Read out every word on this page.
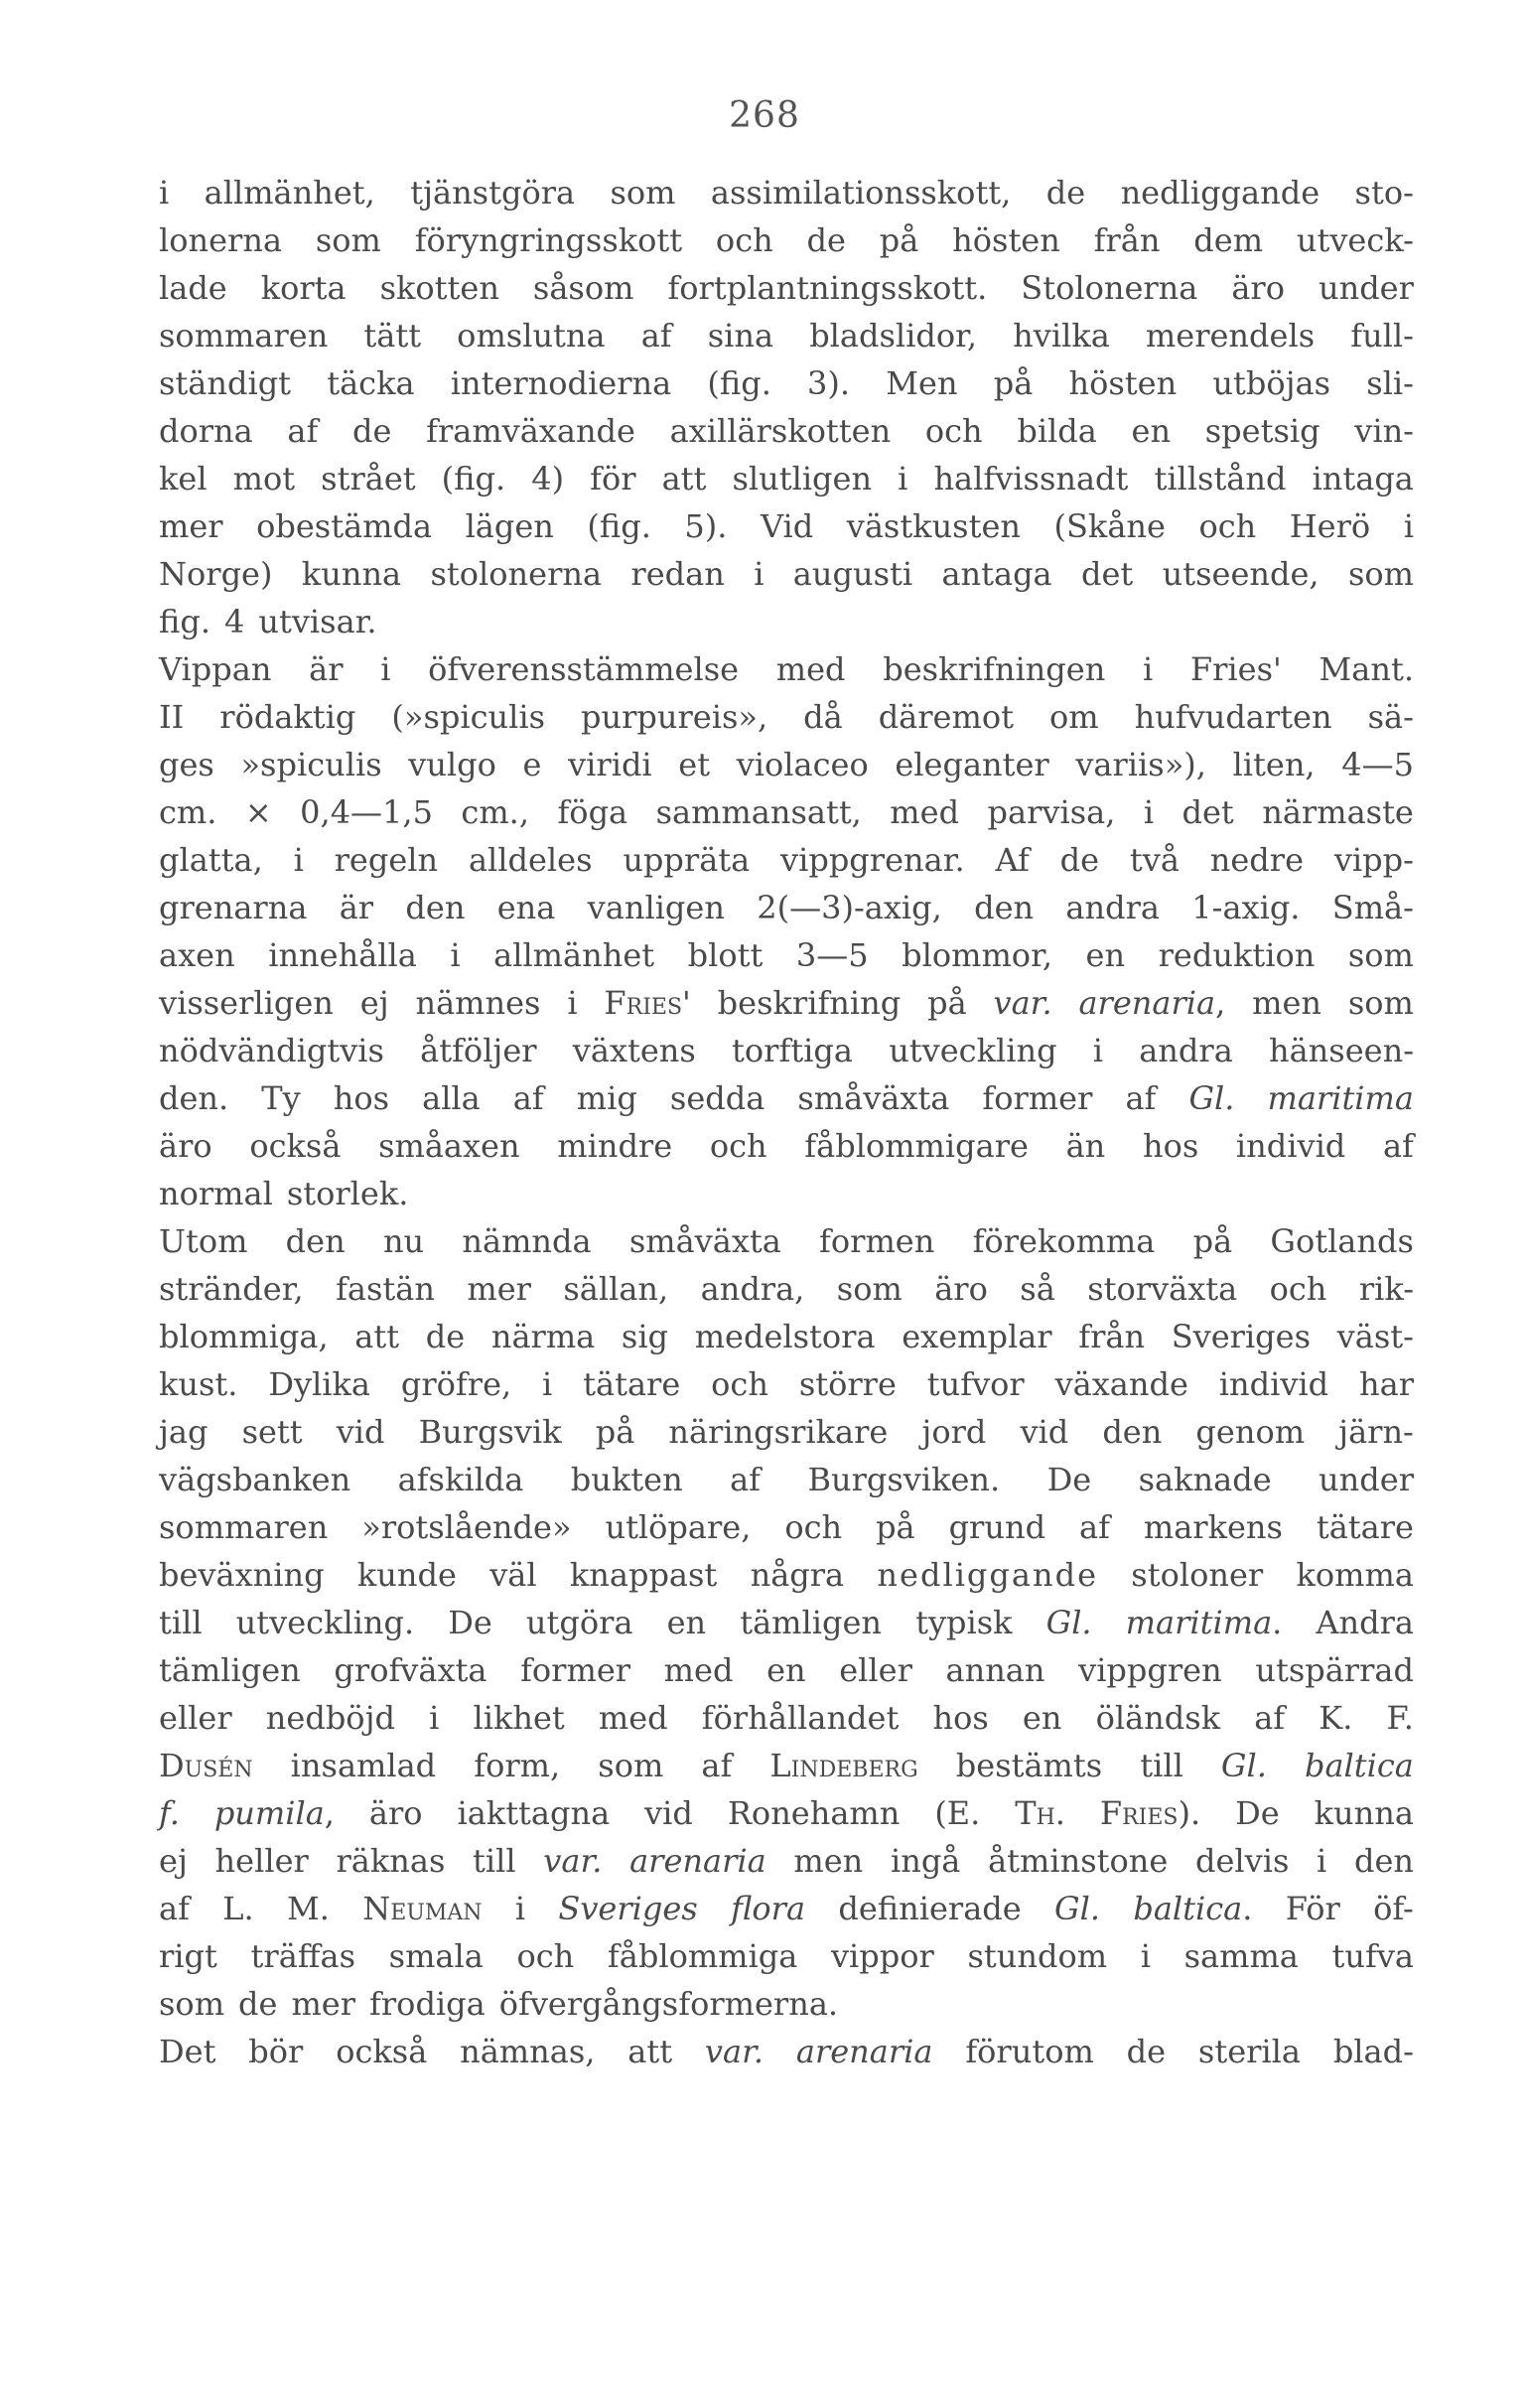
268
i allmänhet, tjänstgöra som assimilationsskott, de nedliggande sto-
lonerna som föryngringsskott och de på hösten från dem utveck-
lade korta skotten såsom fortplantningsskott. Stolonerna äro under
sommaren tätt omslutna af sina bladslidor, hvilka merendels full-
ständigt täcka internodierna (fig. 3). Men på hösten utböjas sli-
dorna af de framväxande axillärskotten och bilda en spetsig vin-
kel mot strået (fig. 4) för att slutligen i halfvissnadt tillstånd intaga
mer obestämda lägen (fig. 5). Vid västkusten (Skåne och Herö i
Norge) kunna stolonerna redan i augusti antaga det utseende, som
fig. 4 utvisar.
Vippan är i öfverensstämmelse med beskrifningen i Fries' Mant.
II rödaktig (»spiculis purpureis», då däremot om hufvudarten sä-
ges »spiculis vulgo e viridi et violaceo eleganter variis»), liten, 4—5
cm. × 0,4—1,5 cm., föga sammansatt, med parvisa, i det närmaste
glatta, i regeln alldeles upprätа vippgrenar. Af de två nedre vipp-
grenarna är den ena vanligen 2(—3)-axig, den andra 1-axig. Små-
axen innehålla i allmänhet blott 3—5 blommor, en reduktion som
visserligen ej nämnes i Fries' beskrifning på var. arenaria, men som
nödvändigtvis åtföljer växtens torftiga utveckling i andra hänseen-
den. Ty hos alla af mig sedda småväxta former af Gl. maritima
äro också småaxen mindre och fåblommigare än hos individ af
normal storlek.
Utom den nu nämnda småväxta formen förekomma på Gotlands
stränder, fastän mer sällan, andra, som äro så storväxta och rik-
blommiga, att de närma sig medelstora exemplar från Sveriges väst-
kust. Dylika gröfre, i tätare och större tufvor växande individ har
jag sett vid Burgsvik på näringsrikare jord vid den genom järn-
vägsbanken afskilda bukten af Burgsviken. De saknade under
sommaren »rotslående» utlöpare, och på grund af markens tätare
beväxning kunde väl knappast några nedliggande stoloner komma
till utveckling. De utgöra en tämligen typisk Gl. maritima. Andra
tämligen grofväxta former med en eller annan vippgren utspärrad
eller nedböjd i likhet med förhållandet hos en öländsk af K. F.
Dusén insamlad form, som af Lindeberg bestämts till Gl. baltica
f. pumila, äro iakttagna vid Ronehamn (E. Th. Fries). De kunna
ej heller räknas till var. arenaria men ingå åtminstone delvis i den
af L. M. Neuman i Sveriges flora definierade Gl. baltica. För öf-
rigt träffas smala och fåblommiga vippor stundom i samma tufva
som de mer frodiga öfvergångsformerna.
Det bör också nämnas, att var. arenaria förutom de sterila blad-
